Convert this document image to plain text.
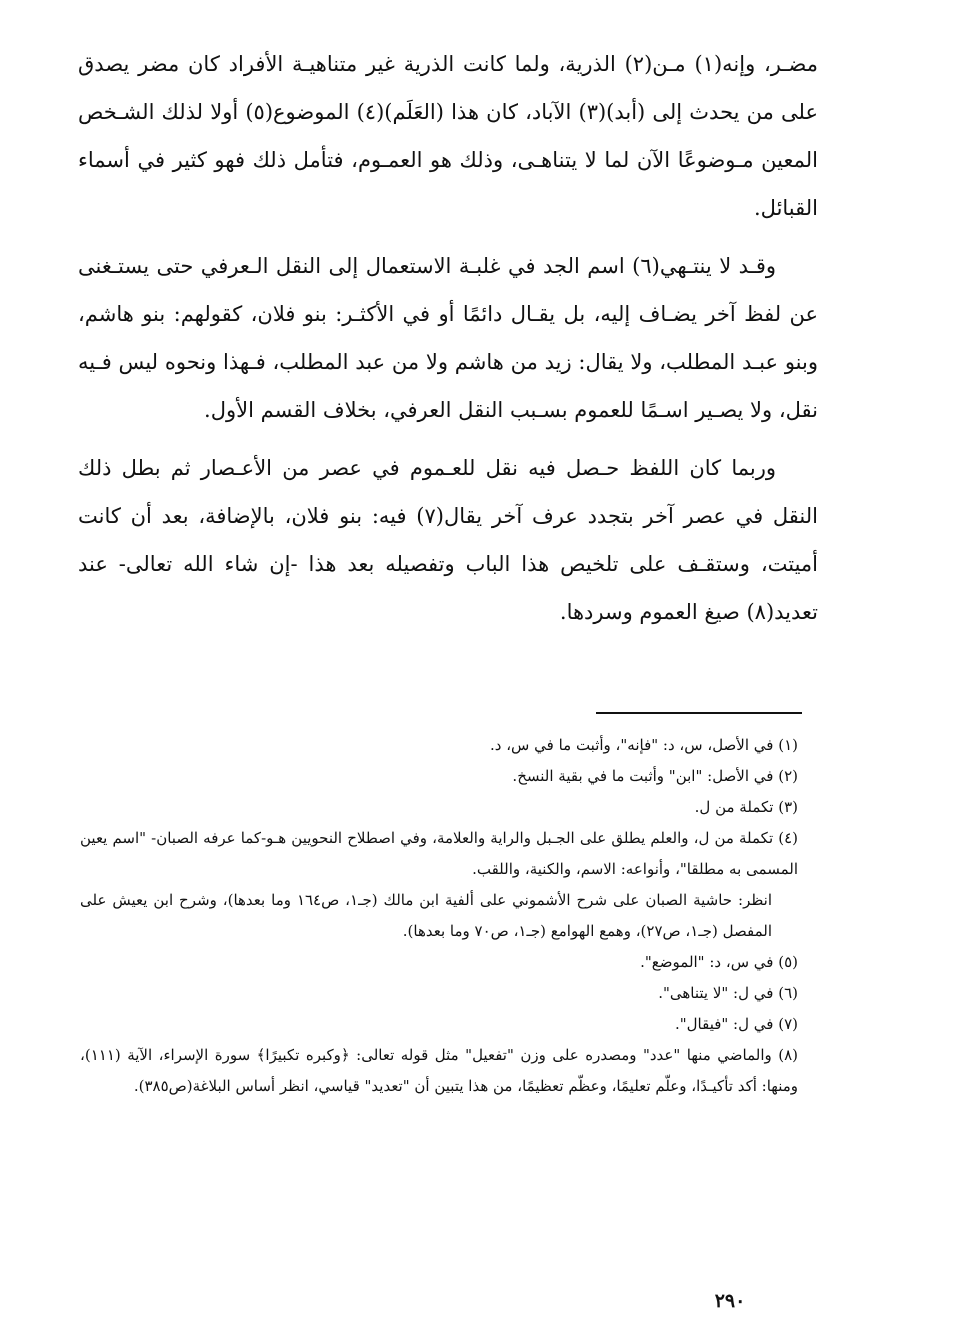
مضـر، وإنه(١) مـن(٢) الذرية، ولما كانت الذرية غير متناهيـة الأفراد كان مضر يصدق على من يحدث إلى (أبد)(٣) الآباد، كان هذا (العَلَم)(٤) الموضوع(٥) أولا لذلك الشـخص المعين مـوضوعًا الآن لما لا يتناهـى، وذلك هو العمـوم، فتأمل ذلك فهو كثير في أسماء القبائل.

وقـد لا ينتـهي(٦) اسم الجد في غلبـة الاستعمال إلى النقل الـعرفي حتى يستـغنى عن لفظ آخر يضـاف إليه، بل يقـال دائمًا أو في الأكثـر: بنو فلان، كقولهم: بنو هاشم، وبنو عبـد المطلب، ولا يقال: زيد من هاشم ولا من عبد المطلب، فـهذا ونحوه ليس فـيه نقل، ولا يصـير اسـمًا للعموم بسـبب النقل العرفي، بخلاف القسم الأول.

وربما كان اللفظ حـصل فيه نقل للعـموم في عصر من الأعـصار ثم بطل ذلك النقل في عصر آخر بتجدد عرف آخر يقال(٧) فيه: بنو فلان، بالإضافة، بعد أن كانت أميتت، وستقـف على تلخيص هذا الباب وتفصيله بعد هذا -إن شاء الله تعالى- عند تعديد(٨) صيغ العموم وسردها.

(١) في الأصل، س، د: "فإنه"، وأثبت ما في س، د.

(٢) في الأصل: "ابن" وأثبت ما في بقية النسخ.

(٣) تكملة من ل.

(٤) تكملة من ل، والعلم يطلق على الجـبل والراية والعلامة، وفي اصطلاح النحويين هـو-كما عرفه الصبان- "اسم يعين المسمى به مطلقا"، وأنواعه: الاسم، والكنية، واللقب.

انظر: حاشية الصبان على شرح الأشموني على ألفية ابن مالك (جـ١، ص١٦٤ وما بعدها)، وشرح ابن يعيش على المفصل (جـ١، ص٢٧)، وهمع الهوامع (جـ١، ص٧٠ وما بعدها).

(٥) في س، د: "الموضع".

(٦) في ل: "لا يتناهى".

(٧) في ل: "فيقال".

(٨) والماضي منها "عدد" ومصدره على وزن "تفعيل" مثل قوله تعالى: ﴿وكبره تكبيرًا﴾ سورة الإسراء، الآية (١١١)، ومنها: أكد تأكيـدًا، وعلّم تعليمًا، وعظّم تعظيمًا، من هذا يتبين أن "تعديد" قياسي، انظر أساس البلاغة(ص٣٨٥).

٢٩٠
